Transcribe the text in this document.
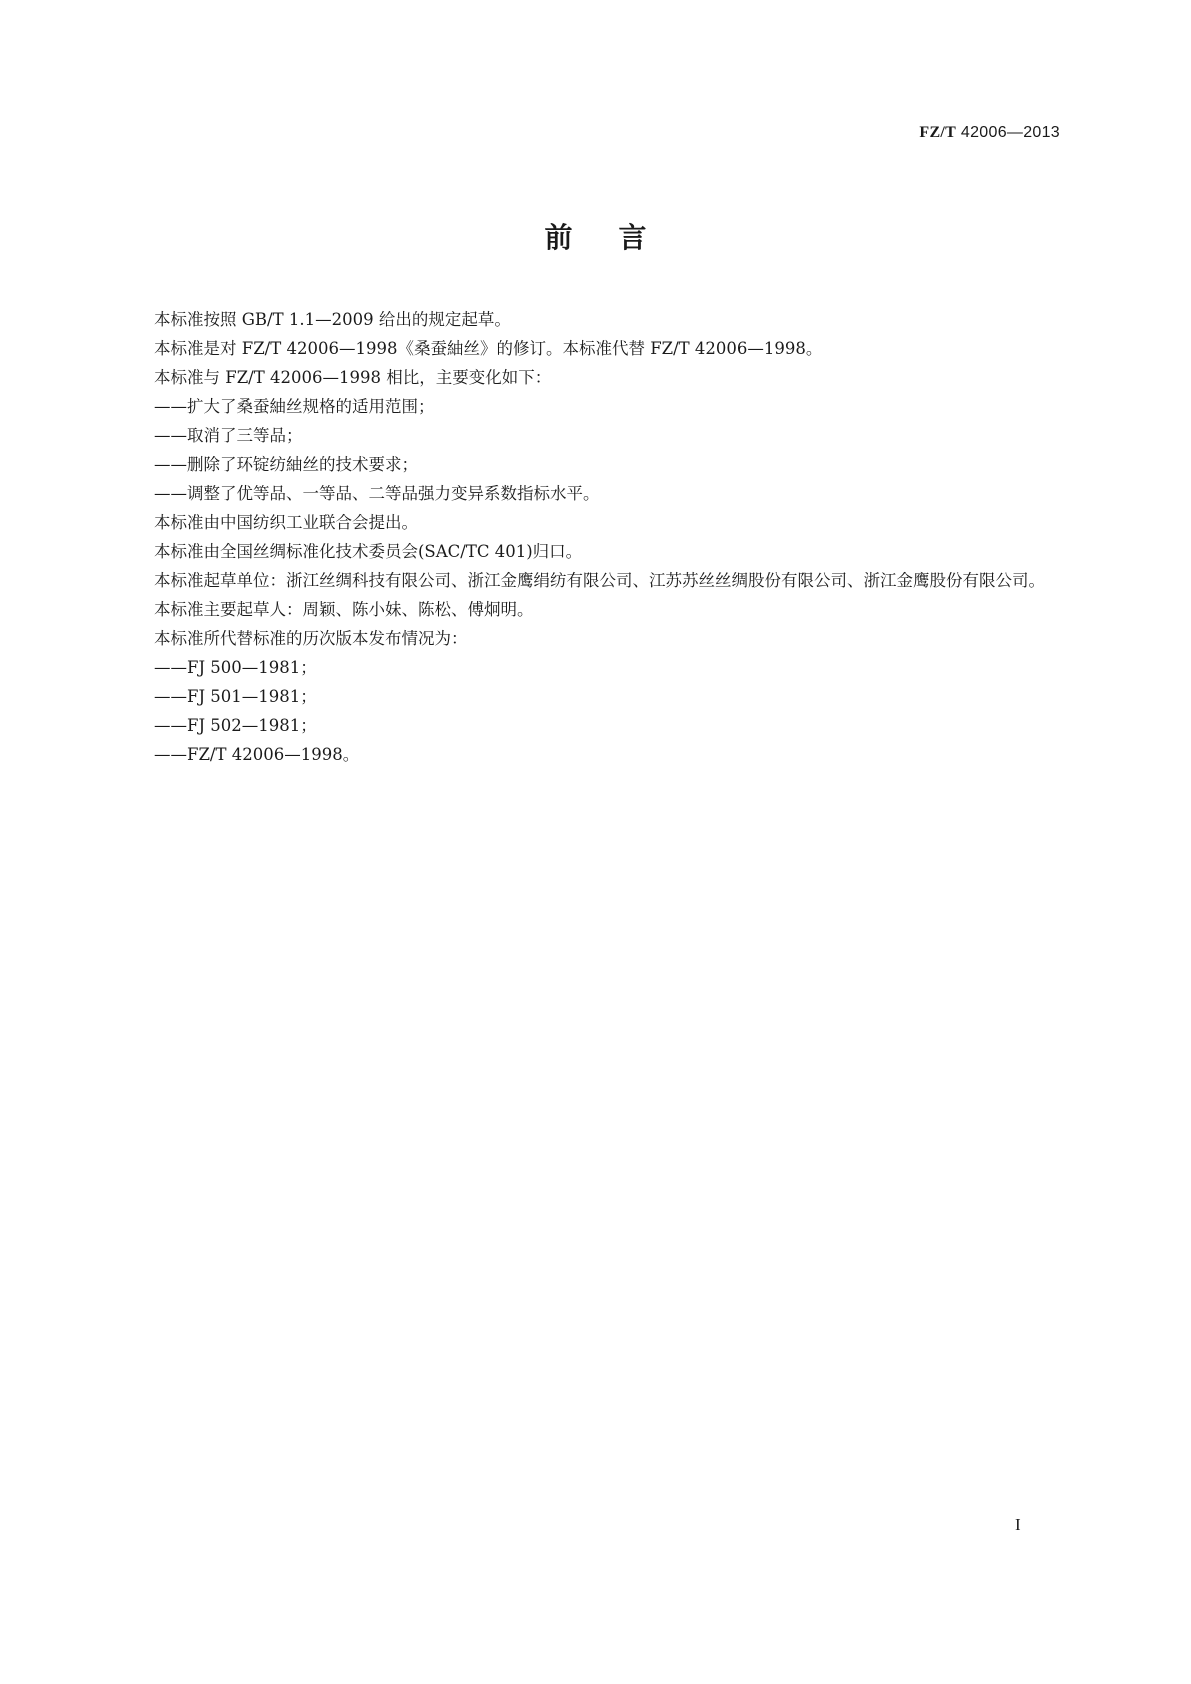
FZ/T 42006—2013
前言

本标准按照 GB/T 1.1—2009 给出的规定起草。

本标准是对 FZ/T 42006—1998《桑蚕紬丝》的修订。本标准代替 FZ/T 42006—1998。

本标准与 FZ/T 42006—1998 相比，主要变化如下：

——扩大了桑蚕紬丝规格的适用范围；

——取消了三等品；

——删除了环锭纺紬丝的技术要求；

——调整了优等品、一等品、二等品强力变异系数指标水平。

本标准由中国纺织工业联合会提出。

本标准由全国丝绸标准化技术委员会(SAC/TC 401)归口。

本标准起草单位：浙江丝绸科技有限公司、浙江金鹰绢纺有限公司、江苏苏丝丝绸股份有限公司、浙江金鹰股份有限公司。

本标准主要起草人：周颖、陈小妹、陈松、傅炯明。

本标准所代替标准的历次版本发布情况为：

——FJ 500—1981；

——FJ 501—1981；

——FJ 502—1981；

——FZ/T 42006—1998。

I
